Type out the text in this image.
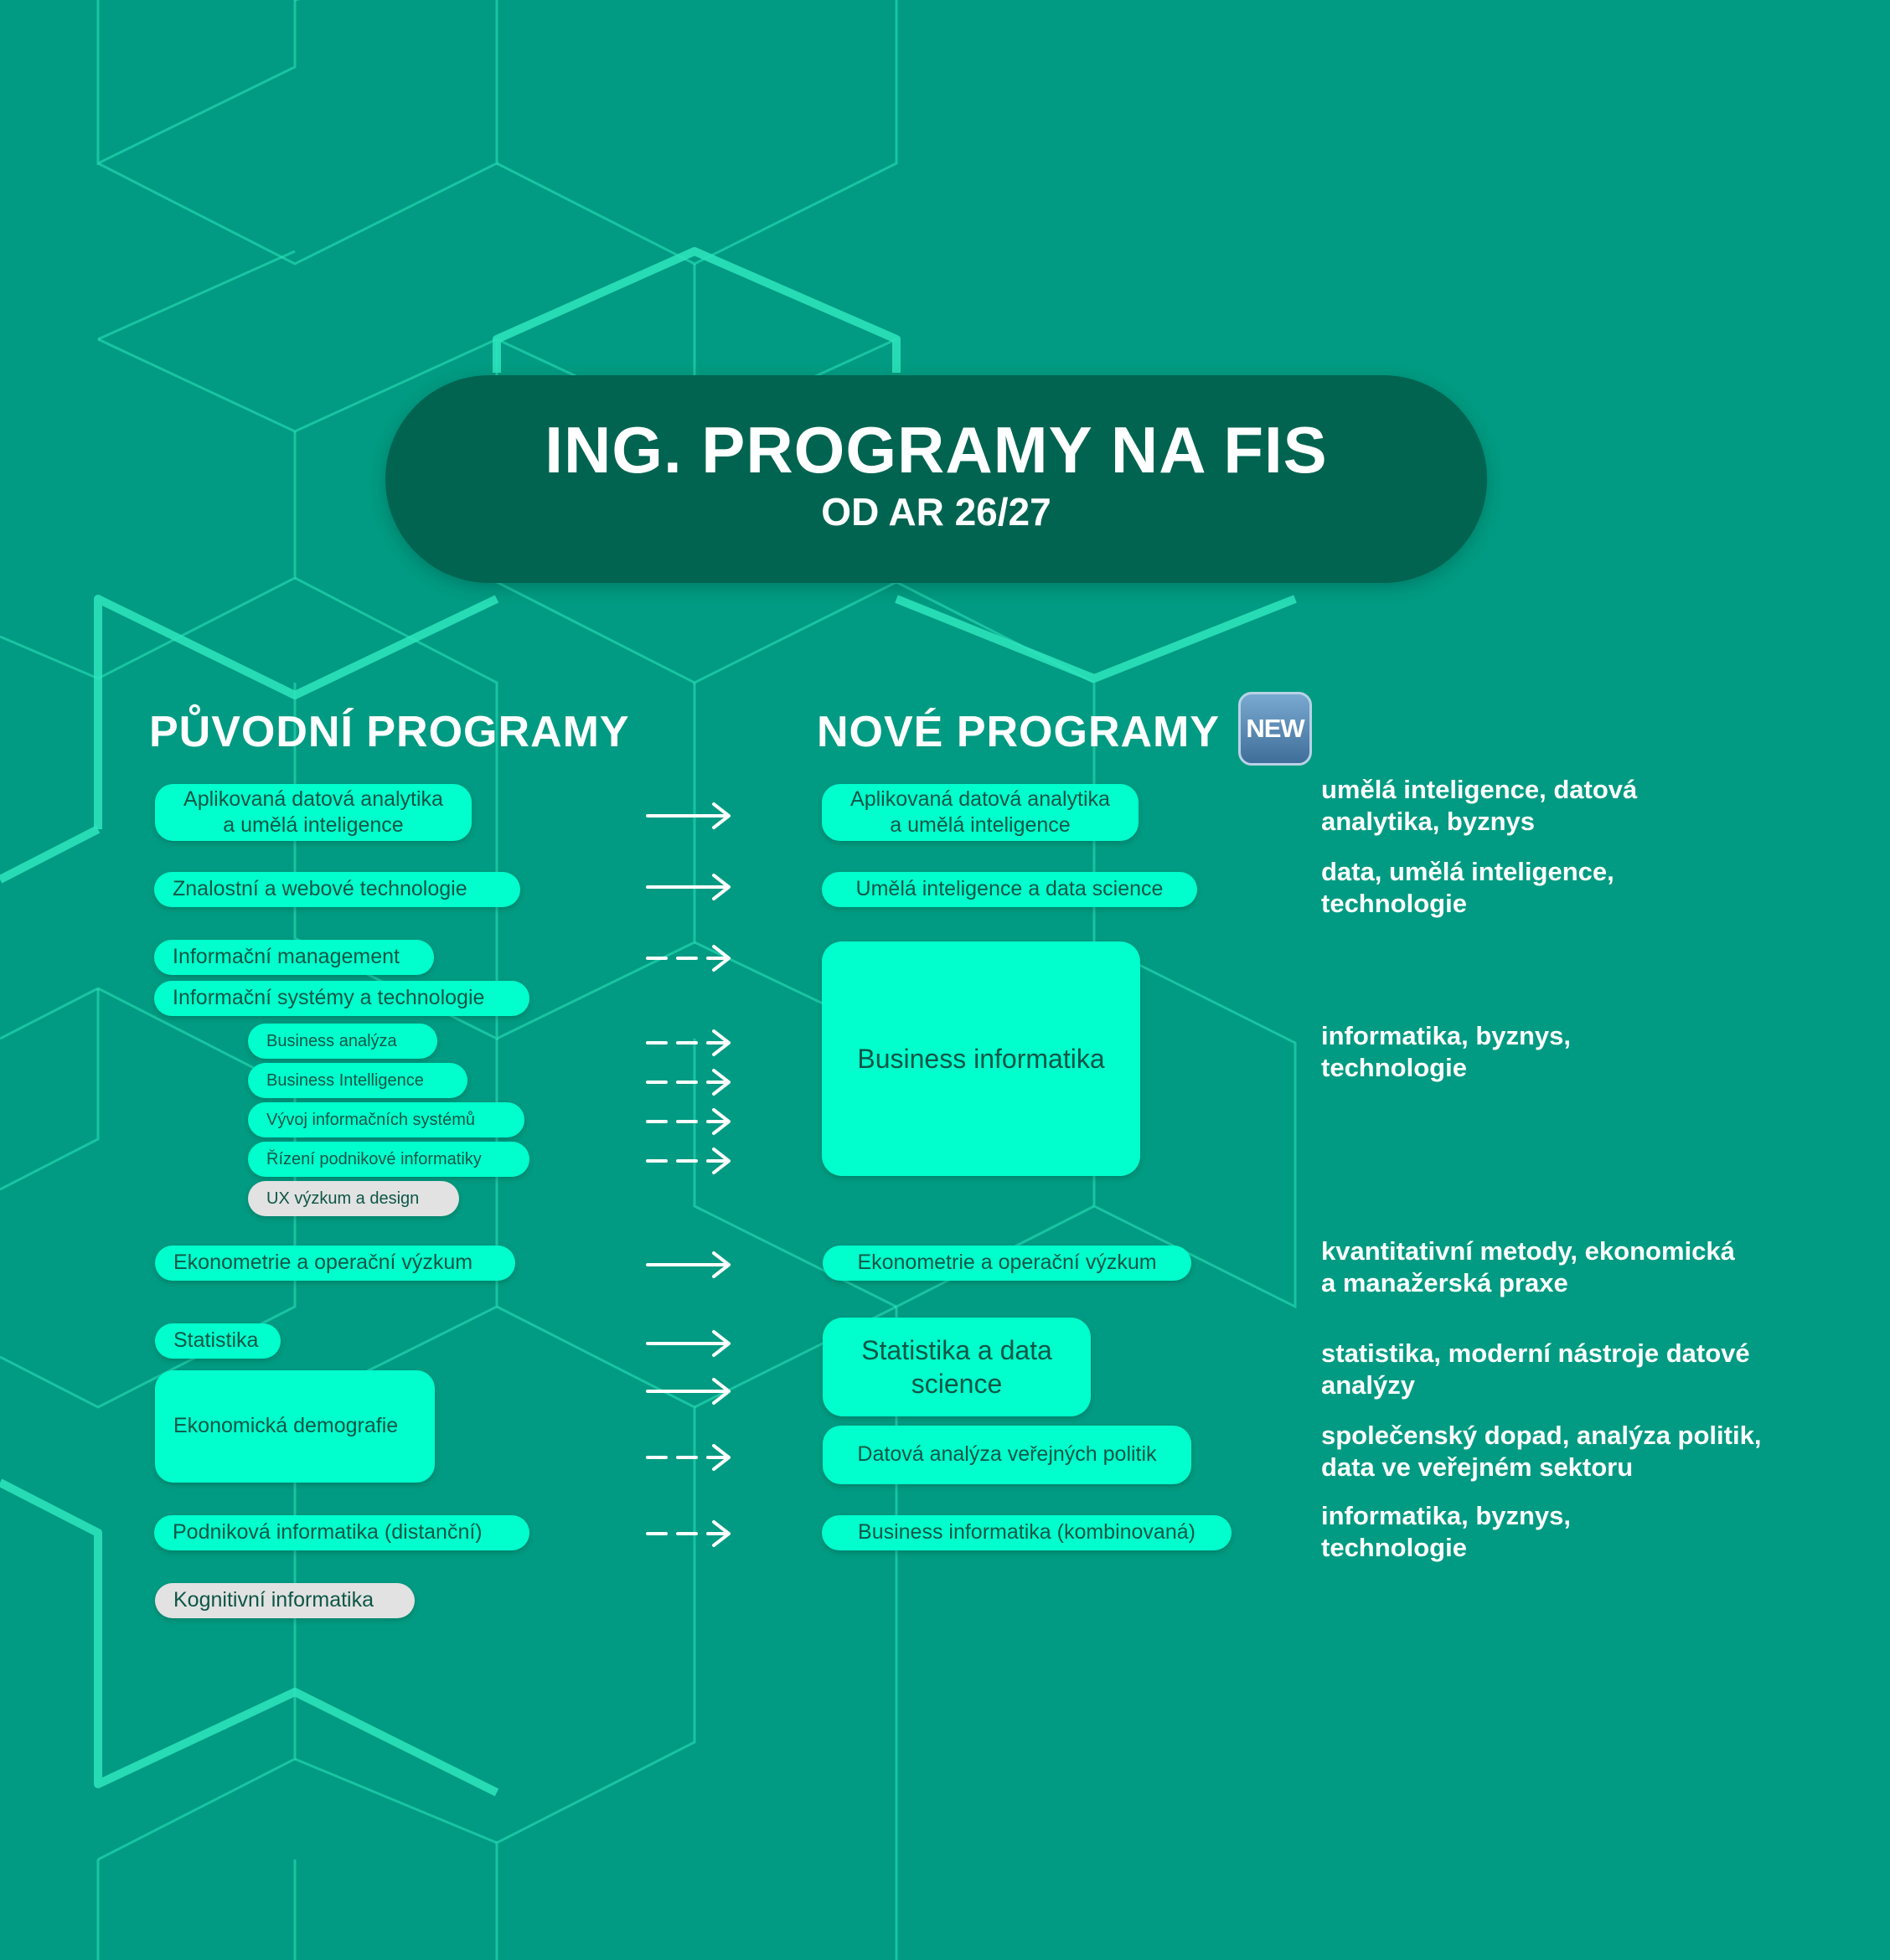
ING. PROGRAMY NA FIS
OD AR 26/27
PŮVODNÍ PROGRAMY	NOVÉ PROGRAMY	NEW
Aplikovaná datová analytika
a umělá inteligence
Znalostní a webové technologie
Informační management
Informační systémy a technologie
Business analýza
Business Intelligence
Vývoj informačních systémů
Řízení podnikové informatiky
UX výzkum a design
Ekonometrie a operační výzkum
Statistika
Ekonomická demografie
Podniková informatika (distanční)
Kognitivní informatika
Aplikovaná datová analytika
a umělá inteligence
Umělá inteligence a data science
Business informatika
Ekonometrie a operační výzkum
Statistika a data
science
Datová analýza veřejných politik
Business informatika (kombinovaná)
umělá inteligence, datová
analytika, byznys
data, umělá inteligence,
technologie
informatika, byznys,
technologie
kvantitativní metody, ekonomická
a manažerská praxe
statistika, moderní nástroje datové
analýzy
společenský dopad, analýza politik,
data ve veřejném sektoru
informatika, byznys,
technologie
